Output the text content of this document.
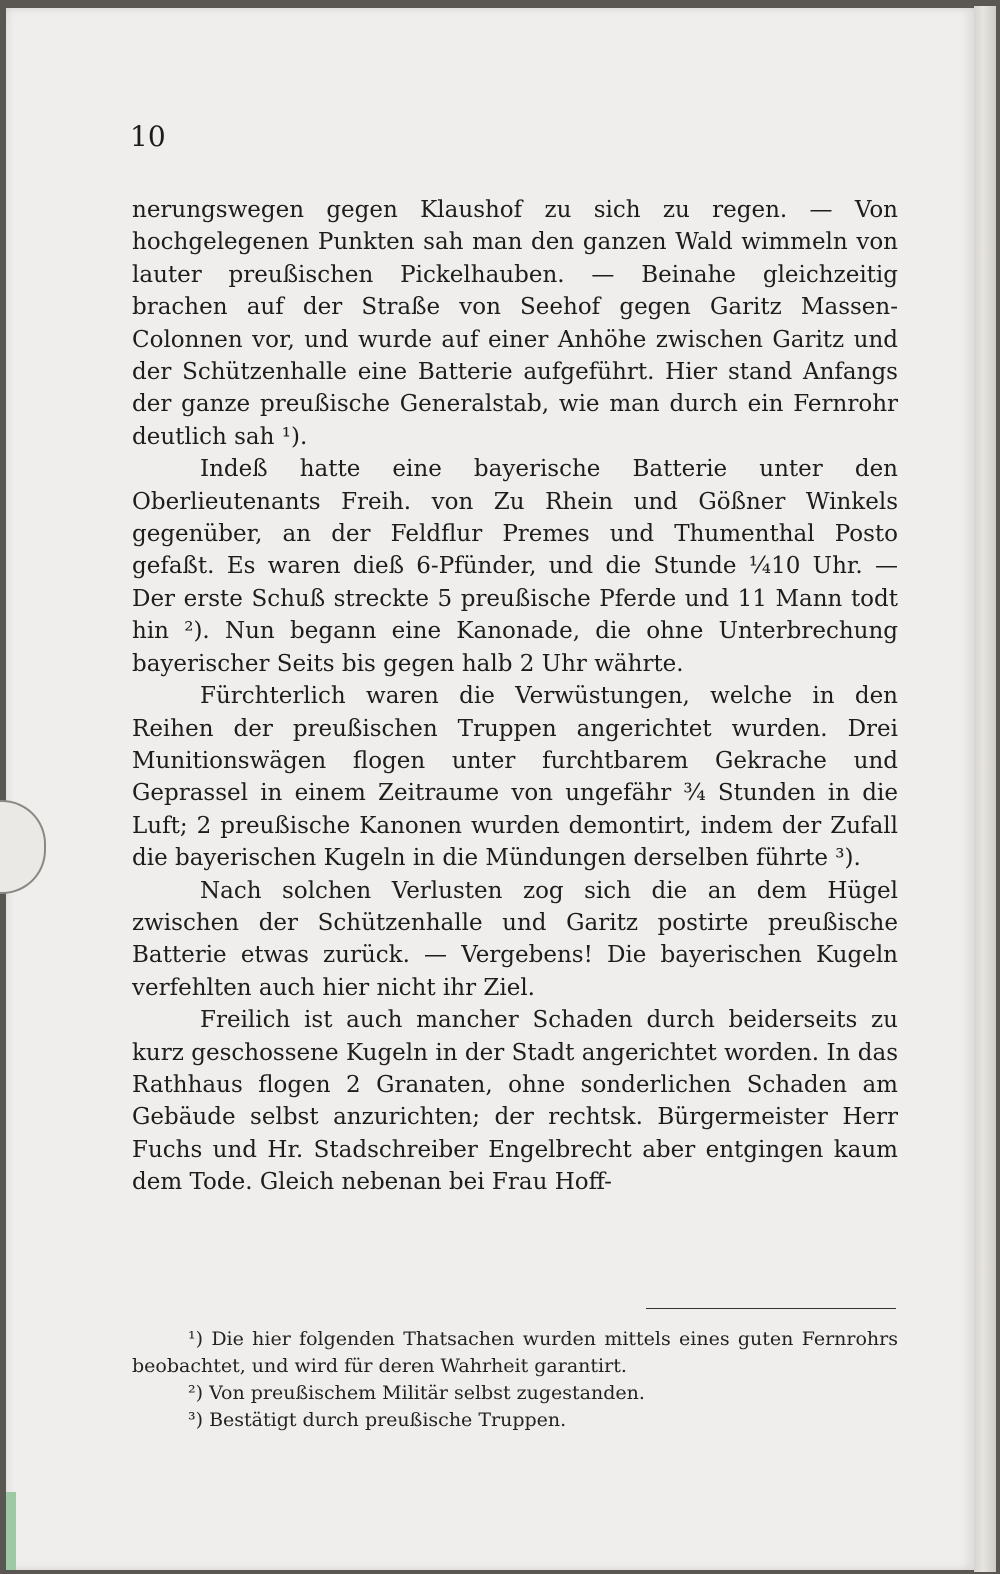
10

nerungswegen gegen Klaushof zu sich zu regen. — Von hochgelegenen Punkten sah man den ganzen Wald wimmeln von lauter preußischen Pickelhauben. — Beinahe gleichzeitig brachen auf der Straße von Seehof gegen Garitz Massen-Colonnen vor, und wurde auf einer Anhöhe zwischen Garitz und der Schützenhalle eine Batterie aufgeführt. Hier stand Anfangs der ganze preußische Generalstab, wie man durch ein Fernrohr deutlich sah ¹).

Indeß hatte eine bayerische Batterie unter den Oberlieutenants Freih. von Zu Rhein und Gößner Winkels gegenüber, an der Feldflur Premes und Thumenthal Posto gefaßt. Es waren dieß 6-Pfünder, und die Stunde ¼10 Uhr. — Der erste Schuß streckte 5 preußische Pferde und 11 Mann todt hin ²). Nun begann eine Kanonade, die ohne Unterbrechung bayerischer Seits bis gegen halb 2 Uhr währte.

Fürchterlich waren die Verwüstungen, welche in den Reihen der preußischen Truppen angerichtet wurden. Drei Munitionswägen flogen unter furchtbarem Gekrache und Geprassel in einem Zeitraume von ungefähr ¾ Stunden in die Luft; 2 preußische Kanonen wurden demontirt, indem der Zufall die bayerischen Kugeln in die Mündungen derselben führte ³).

Nach solchen Verlusten zog sich die an dem Hügel zwischen der Schützenhalle und Garitz postirte preußische Batterie etwas zurück. — Vergebens! Die bayerischen Kugeln verfehlten auch hier nicht ihr Ziel.

Freilich ist auch mancher Schaden durch beiderseits zu kurz geschossene Kugeln in der Stadt angerichtet worden. In das Rathhaus flogen 2 Granaten, ohne sonderlichen Schaden am Gebäude selbst anzurichten; der rechtsk. Bürgermeister Herr Fuchs und Hr. Stadschreiber Engelbrecht aber entgingen kaum dem Tode. Gleich nebenan bei Frau Hoff-

¹) Die hier folgenden Thatsachen wurden mittels eines guten Fernrohrs beobachtet, und wird für deren Wahrheit garantirt.

²) Von preußischem Militär selbst zugestanden.

³) Bestätigt durch preußische Truppen.
